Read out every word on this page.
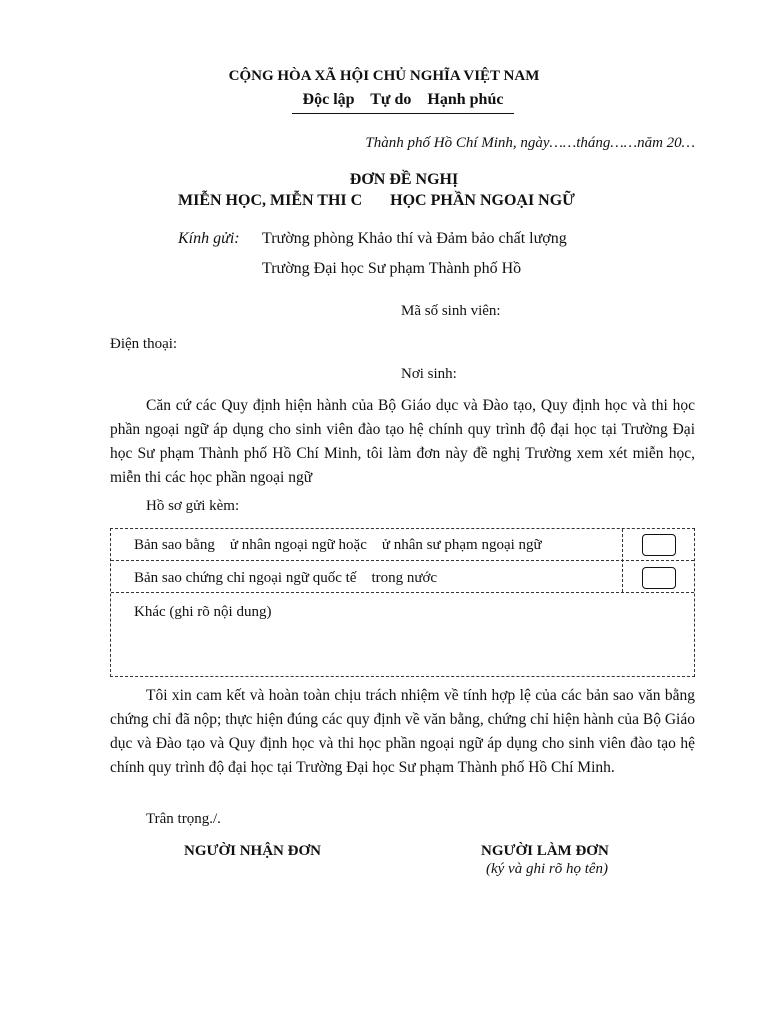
CỘNG HÒA XÃ HỘI CHỦ NGHĨA VIỆT NAM
Độc lập    Tự do    Hạnh phúc
Thành phố Hồ Chí Minh, ngày……tháng……năm 20…
ĐƠN ĐỀ NGHỊ
MIỄN HỌC, MIỄN THI C       HỌC PHẦN NGOẠI NGỮ
Kính gửi: Trường phòng Khảo thí và Đảm bảo chất lượng
Trường Đại học Sư phạm Thành phố Hồ
Mã số sinh viên:
Điện thoại:
Nơi sinh:
Căn cứ các Quy định hiện hành của Bộ Giáo dục và Đào tạo, Quy định học và thi học phần ngoại ngữ áp dụng cho sinh viên đào tạo hệ chính quy trình độ đại học tại Trường Đại học Sư phạm Thành phố Hồ Chí Minh, tôi làm đơn này đề nghị Trường xem xét miễn học, miễn thi các học phần ngoại ngữ
Hồ sơ gửi kèm:
Bản sao bằng    ử nhân ngoại ngữ hoặc    ử nhân sư phạm ngoại ngữ
Bản sao chứng chỉ ngoại ngữ quốc tế    trong nước
Khác (ghi rõ nội dung)
Tôi xin cam kết và hoàn toàn chịu trách nhiệm về tính hợp lệ của các bản sao văn bằng chứng chỉ đã nộp; thực hiện đúng các quy định về văn bằng, chứng chỉ hiện hành của Bộ Giáo dục và Đào tạo và Quy định học và thi học phần ngoại ngữ áp dụng cho sinh viên đào tạo hệ chính quy trình độ đại học tại Trường Đại học Sư phạm Thành phố Hồ Chí Minh.
Trân trọng./.
NGƯỜI NHẬN ĐƠN	NGƯỜI LÀM ĐƠN
(ký và ghi rõ họ tên)
